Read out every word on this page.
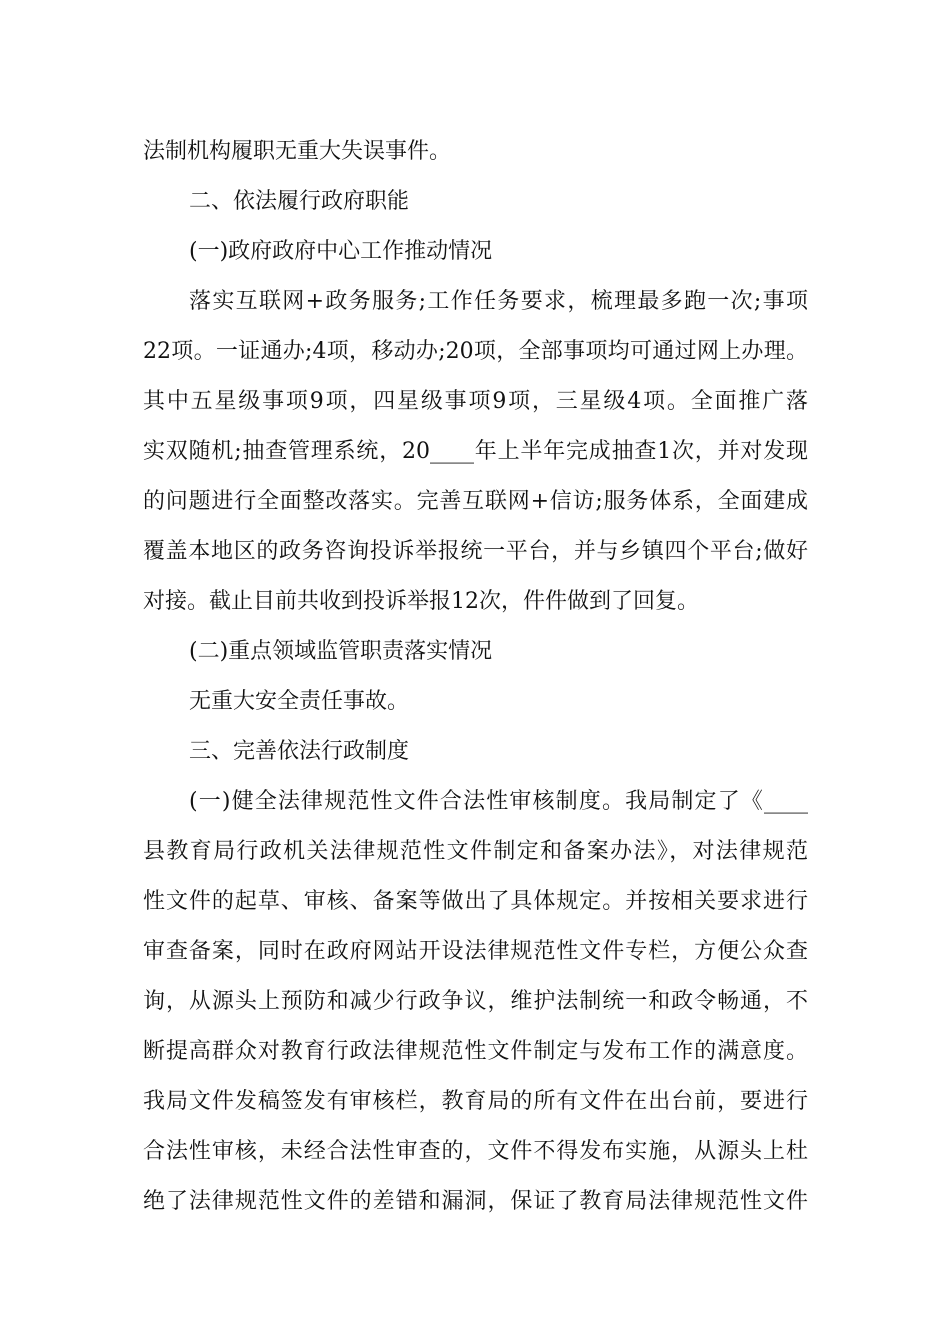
法制机构履职无重大失误事件。
二、依法履行政府职能
(一)政府政府中心工作推动情况
落实互联网+政务服务;工作任务要求，梳理最多跑一次;事项
22项。一证通办;4项，移动办;20项，全部事项均可通过网上办理。
其中五星级事项9项，四星级事项9项，三星级4项。全面推广落
实双随机;抽查管理系统，20____年上半年完成抽查1次，并对发现
的问题进行全面整改落实。完善互联网+信访;服务体系，全面建成
覆盖本地区的政务咨询投诉举报统一平台，并与乡镇四个平台;做好
对接。截止目前共收到投诉举报12次，件件做到了回复。
(二)重点领域监管职责落实情况
无重大安全责任事故。
三、完善依法行政制度
(一)健全法律规范性文件合法性审核制度。我局制定了《____
县教育局行政机关法律规范性文件制定和备案办法》，对法律规范
性文件的起草、审核、备案等做出了具体规定。并按相关要求进行
审查备案，同时在政府网站开设法律规范性文件专栏，方便公众查
询，从源头上预防和减少行政争议，维护法制统一和政令畅通，不
断提高群众对教育行政法律规范性文件制定与发布工作的满意度。
我局文件发稿签发有审核栏，教育局的所有文件在出台前，要进行
合法性审核，未经合法性审查的，文件不得发布实施，从源头上杜
绝了法律规范性文件的差错和漏洞，保证了教育局法律规范性文件
